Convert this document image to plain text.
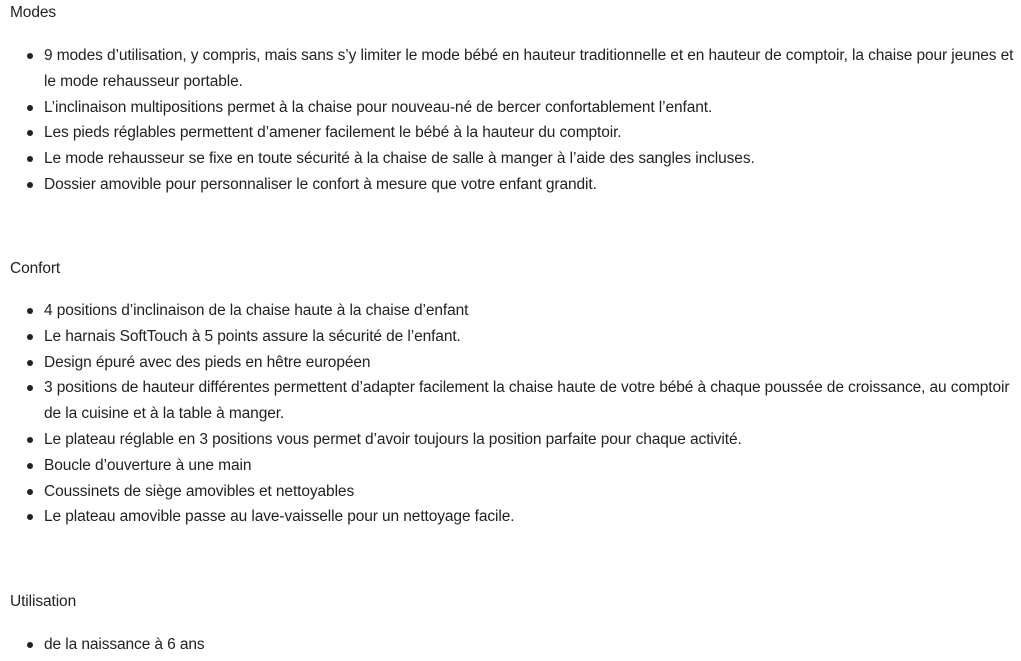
Modes
9 modes d’utilisation, y compris, mais sans s’y limiter le mode bébé en hauteur traditionnelle et en hauteur de comptoir, la chaise pour jeunes et le mode rehausseur portable.
L’inclinaison multipositions permet à la chaise pour nouveau-né de bercer confortablement l’enfant.
Les pieds réglables permettent d’amener facilement le bébé à la hauteur du comptoir.
Le mode rehausseur se fixe en toute sécurité à la chaise de salle à manger à l’aide des sangles incluses.
Dossier amovible pour personnaliser le confort à mesure que votre enfant grandit.
Confort
4 positions d’inclinaison de la chaise haute à la chaise d’enfant
Le harnais SoftTouch à 5 points assure la sécurité de l’enfant.
Design épuré avec des pieds en hêtre européen
3 positions de hauteur différentes permettent d’adapter facilement la chaise haute de votre bébé à chaque poussée de croissance, au comptoir de la cuisine et à la table à manger.
Le plateau réglable en 3 positions vous permet d’avoir toujours la position parfaite pour chaque activité.
Boucle d’ouverture à une main
Coussinets de siège amovibles et nettoyables
Le plateau amovible passe au lave-vaisselle pour un nettoyage facile.
Utilisation
de la naissance à 6 ans
